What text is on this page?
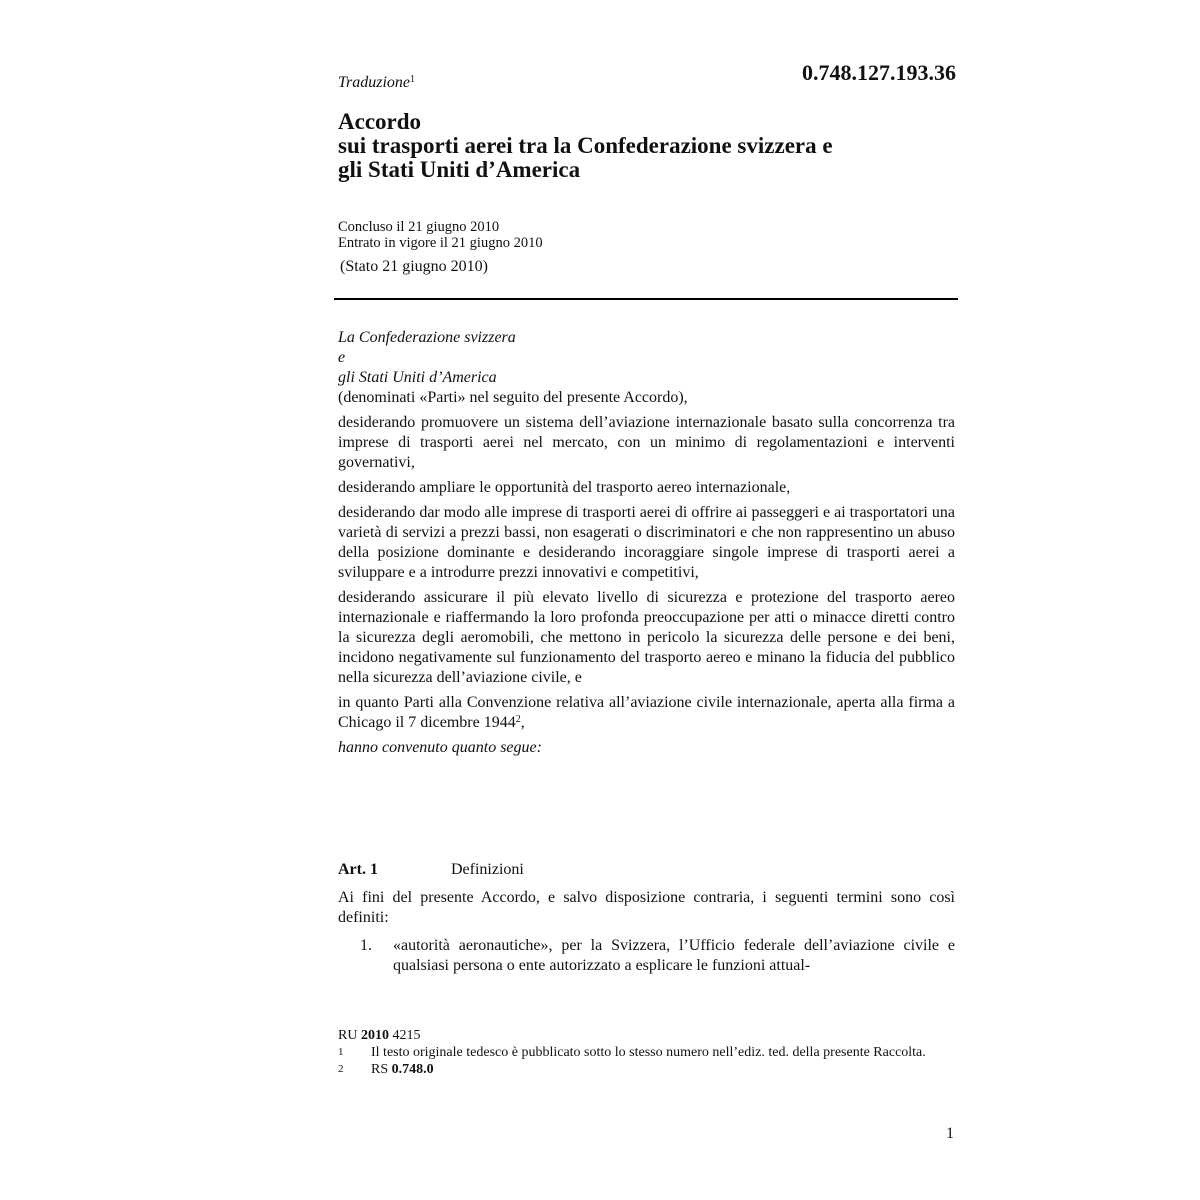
0.748.127.193.36
Traduzione$^1$
Accordo
sui trasporti aerei tra la Confederazione svizzera e
gli Stati Uniti d’America
Concluso il 21 giugno 2010
Entrato in vigore il 21 giugno 2010
(Stato 21 giugno 2010)

La Confederazione svizzera

e

gli Stati Uniti d’America

(denominati «Parti» nel seguito del presente Accordo),

desiderando promuovere un sistema dell’aviazione internazionale basato sulla concorrenza tra imprese di trasporti aerei nel mercato, con un minimo di regolamentazioni e interventi governativi,

desiderando ampliare le opportunità del trasporto aereo internazionale,

desiderando dar modo alle imprese di trasporti aerei di offrire ai passeggeri e ai trasportatori una varietà di servizi a prezzi bassi, non esagerati o discriminatori e che non rappresentino un abuso della posizione dominante e desiderando incoraggiare singole imprese di trasporti aerei a sviluppare e a introdurre prezzi innovativi e competitivi,

desiderando assicurare il più elevato livello di sicurezza e protezione del trasporto aereo internazionale e riaffermando la loro profonda preoccupazione per atti o minacce diretti contro la sicurezza degli aeromobili, che mettono in pericolo la sicurezza delle persone e dei beni, incidono negativamente sul funzionamento del trasporto aereo e minano la fiducia del pubblico nella sicurezza dell’aviazione civile, e

in quanto Parti alla Convenzione relativa all’aviazione civile internazionale, aperta alla firma a Chicago il 7 dicembre 1944$^2$,

hanno convenuto quanto segue:

Art. 1	Definizioni

Ai fini del presente Accordo, e salvo disposizione contraria, i seguenti termini sono così definiti:

1.	«autorità aeronautiche», per la Svizzera, l’Ufficio federale dell’aviazione civile e qualsiasi persona o ente autorizzato a esplicare le funzioni attual-
RU 2010 4215
1	Il testo originale tedesco è pubblicato sotto lo stesso numero nell’ediz. ted. della presente Raccolta.
2	RS 0.748.0
1
